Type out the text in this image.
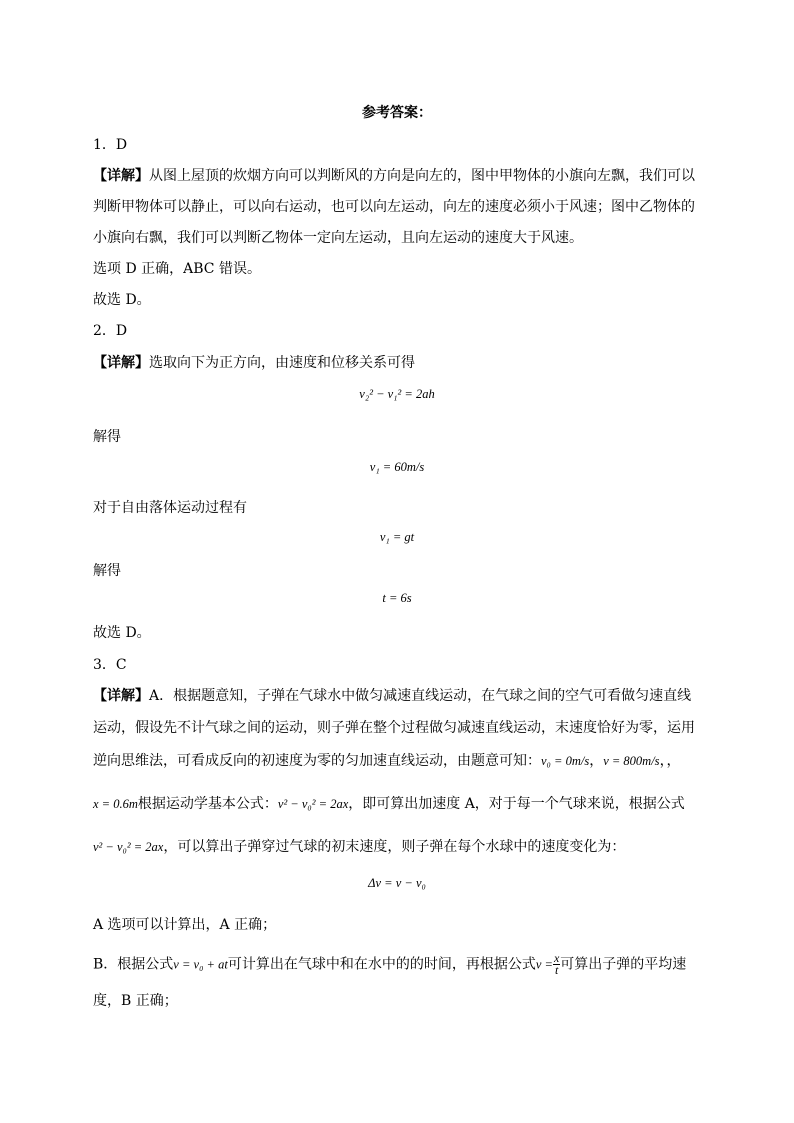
参考答案：
1．D
【详解】从图上屋顶的炊烟方向可以判断风的方向是向左的，图中甲物体的小旗向左飘，我们可以
判断甲物体可以静止，可以向右运动，也可以向左运动，向左的速度必须小于风速；图中乙物体的
小旗向右飘，我们可以判断乙物体一定向左运动，且向左运动的速度大于风速。
选项 D 正确，ABC 错误。
故选 D。
2．D
【详解】选取向下为正方向，由速度和位移关系可得
v₂² − v₁² = 2ah
解得
v₁ = 60m/s
对于自由落体运动过程有
v₁ = gt
解得
t = 6s
故选 D。
3．C
【详解】A．根据题意知，子弹在气球水中做匀减速直线运动，在气球之间的空气可看做匀速直线
运动，假设先不计气球之间的运动，则子弹在整个过程做匀减速直线运动，末速度恰好为零，运用
逆向思维法，可看成反向的初速度为零的匀加速直线运动，由题意可知：v₀ = 0m/s，v = 800m/s，，
x = 0.6m根据运动学基本公式：v² − v₀² = 2ax，即可算出加速度 A，对于每一个气球来说，根据公式
v² − v₀² = 2ax，可以算出子弹穿过气球的初末速度，则子弹在每个水球中的速度变化为：
Δv = v − v₀
A 选项可以计算出，A 正确；
B．根据公式v = v₀ + at可计算出在气球中和在水中的的时间，再根据公式$v = \frac{x}{t}$ 可算出子弹的平均速
度，B 正确；
